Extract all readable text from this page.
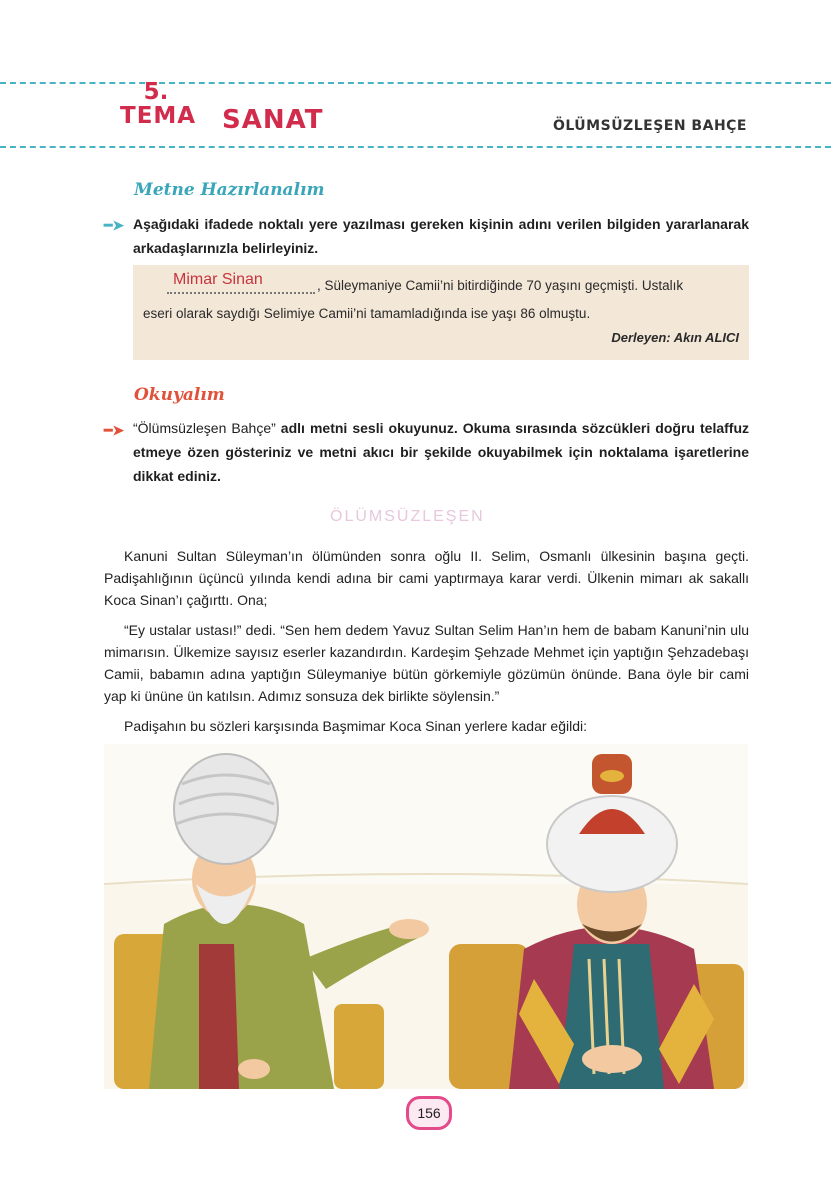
5.
TEMA SANAT	ÖLÜMSÜZLEŞEN BAHÇE
Metne Hazırlanalım
━➤ Aşağıdaki ifadede noktalı yere yazılması gereken kişinin adını verilen bilgiden yararlanarak arkadaşlarınızla belirleyiniz.
Mimar Sinan	, Süleymaniye Camii’ni bitirdiğinde 70 yaşını geçmişti. Ustalık
eseri olarak saydığı Selimiye Camii’ni tamamladığında ise yaşı 86 olmuştu.
Derleyen: Akın ALICI
Okuyalım
━➤ “Ölümsüzleşen Bahçe” adlı metni sesli okuyunuz. Okuma sırasında sözcükleri doğru telaffuz etmeye özen gösteriniz ve metni akıcı bir şekilde okuyabilmek için noktalama işaretlerine dikkat ediniz.
ÖLÜMSÜZLEŞEN

Kanuni Sultan Süleyman’ın ölümünden sonra oğlu II. Selim, Osmanlı ülkesinin başına geçti. Padişahlığının üçüncü yılında kendi adına bir cami yaptırmaya karar verdi. Ülkenin mimarı ak sakallı Koca Sinan’ı çağırttı. Ona;

“Ey ustalar ustası!” dedi. “Sen hem dedem Yavuz Sultan Selim Han’ın hem de babam Kanuni’nin ulu mimarısın. Ülkemize sayısız eserler kazandırdın. Kardeşim Şehzade Mehmet için yaptığın Şehzadebaşı Camii, babamın adına yaptığın Süleymaniye bütün görkemiyle gözümün önünde. Bana öyle bir cami yap ki ününe ün katılsın. Adımız sonsuza dek birlikte söylensin.”

Padişahın bu sözleri karşısında Başmimar Koca Sinan yerlere kadar eğildi:

156
